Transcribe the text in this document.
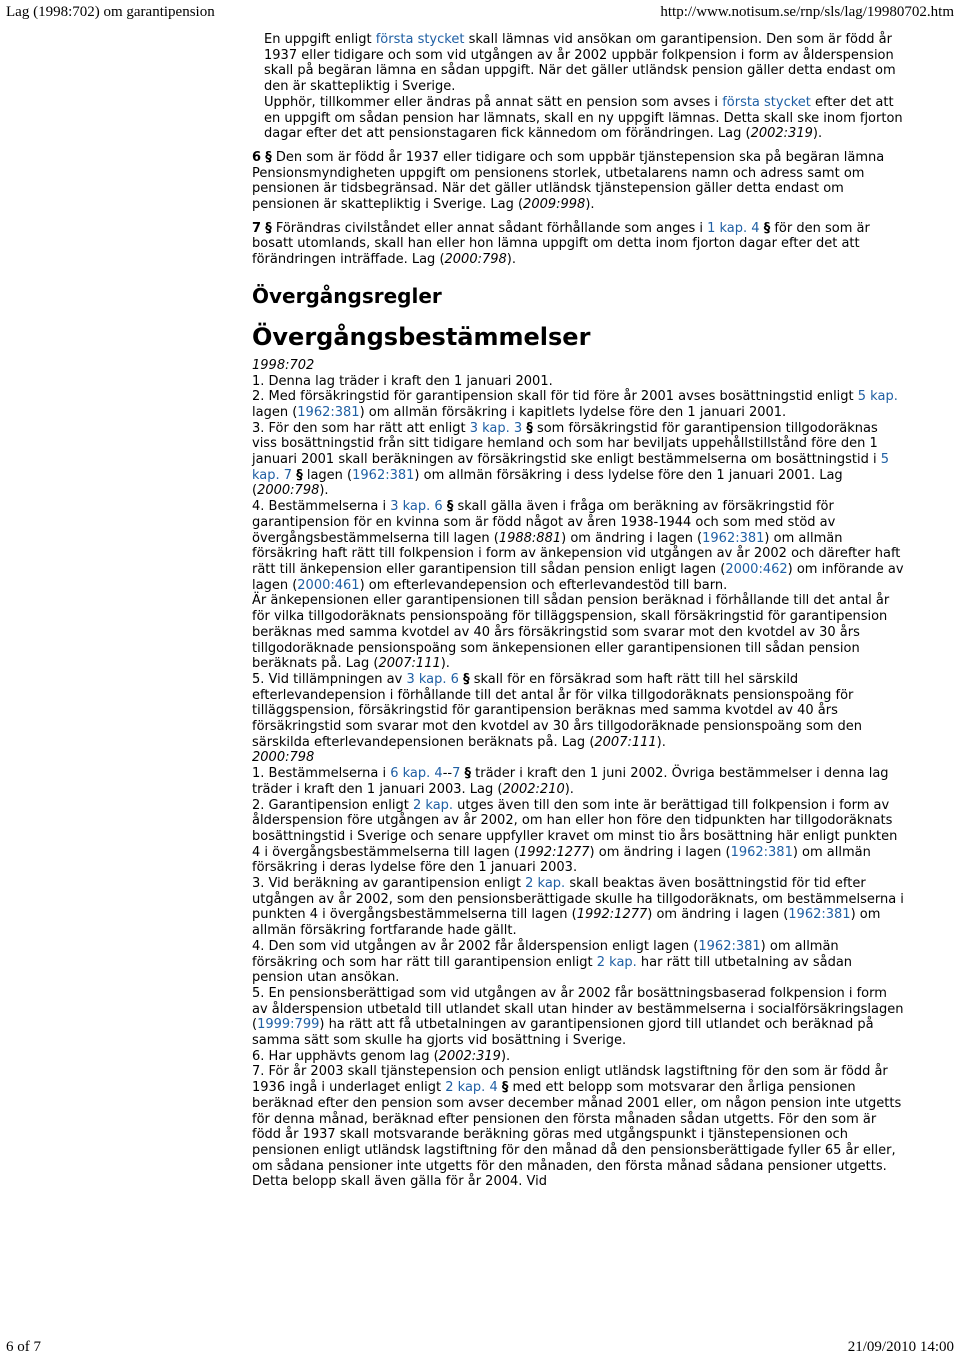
Lag (1998:702) om garantipension	http://www.notisum.se/rnp/sls/lag/19980702.htm

En uppgift enligt första stycket skall lämnas vid ansökan om garantipension. Den som är född år 1937 eller tidigare och som vid utgången av år 2002 uppbär folkpension i form av ålderspension skall på begäran lämna en sådan uppgift. När det gäller utländsk pension gäller detta endast om den är skattepliktig i Sverige.

Upphör, tillkommer eller ändras på annat sätt en pension som avses i första stycket efter det att en uppgift om sådan pension har lämnats, skall en ny uppgift lämnas. Detta skall ske inom fjorton dagar efter det att pensionstagaren fick kännedom om förändringen. Lag (2002:319).

6 § Den som är född år 1937 eller tidigare och som uppbär tjänstepension ska på begäran lämna Pensionsmyndigheten uppgift om pensionens storlek, utbetalarens namn och adress samt om pensionen är tidsbegränsad. När det gäller utländsk tjänstepension gäller detta endast om pensionen är skattepliktig i Sverige. Lag (2009:998).

7 § Förändras civilståndet eller annat sådant förhållande som anges i 1 kap. 4 § för den som är bosatt utomlands, skall han eller hon lämna uppgift om detta inom fjorton dagar efter det att förändringen inträffade. Lag (2000:798).

Övergångsregler
Övergångsbestämmelser

1998:702

1. Denna lag träder i kraft den 1 januari 2001.

2. Med försäkringstid för garantipension skall för tid före år 2001 avses bosättningstid enligt 5 kap. lagen (1962:381) om allmän försäkring i kapitlets lydelse före den 1 januari 2001.

3. För den som har rätt att enligt 3 kap. 3 § som försäkringstid för garantipension tillgodoräknas viss bosättningstid från sitt tidigare hemland och som har beviljats uppehållstillstånd före den 1 januari 2001 skall beräkningen av försäkringstid ske enligt bestämmelserna om bosättningstid i 5 kap. 7 § lagen (1962:381) om allmän försäkring i dess lydelse före den 1 januari 2001. Lag (2000:798).

4. Bestämmelserna i 3 kap. 6 § skall gälla även i fråga om beräkning av försäkringstid för garantipension för en kvinna som är född något av åren 1938-1944 och som med stöd av övergångsbestämmelserna till lagen (1988:881) om ändring i lagen (1962:381) om allmän försäkring haft rätt till folkpension i form av änkepension vid utgången av år 2002 och därefter haft rätt till änkepension eller garantipension till sådan pension enligt lagen (2000:462) om införande av lagen (2000:461) om efterlevandepension och efterlevandestöd till barn.

Är änkepensionen eller garantipensionen till sådan pension beräknad i förhållande till det antal år för vilka tillgodoräknats pensionspoäng för tilläggspension, skall försäkringstid för garantipension beräknas med samma kvotdel av 40 års försäkringstid som svarar mot den kvotdel av 30 års tillgodoräknade pensionspoäng som änkepensionen eller garantipensionen till sådan pension beräknats på. Lag (2007:111).

5. Vid tillämpningen av 3 kap. 6 § skall för en försäkrad som haft rätt till hel särskild efterlevandepension i förhållande till det antal år för vilka tillgodoräknats pensionspoäng för tilläggspension, försäkringstid för garantipension beräknas med samma kvotdel av 40 års försäkringstid som svarar mot den kvotdel av 30 års tillgodoräknade pensionspoäng som den särskilda efterlevandepensionen beräknats på. Lag (2007:111).

2000:798

1. Bestämmelserna i 6 kap. 4--7 § träder i kraft den 1 juni 2002. Övriga bestämmelser i denna lag träder i kraft den 1 januari 2003. Lag (2002:210).

2. Garantipension enligt 2 kap. utges även till den som inte är berättigad till folkpension i form av ålderspension före utgången av år 2002, om han eller hon före den tidpunkten har tillgodoräknats bosättningstid i Sverige och senare uppfyller kravet om minst tio års bosättning här enligt punkten 4 i övergångsbestämmelserna till lagen (1992:1277) om ändring i lagen (1962:381) om allmän försäkring i deras lydelse före den 1 januari 2003.

3. Vid beräkning av garantipension enligt 2 kap. skall beaktas även bosättningstid för tid efter utgången av år 2002, som den pensionsberättigade skulle ha tillgodoräknats, om bestämmelserna i punkten 4 i övergångsbestämmelserna till lagen (1992:1277) om ändring i lagen (1962:381) om allmän försäkring fortfarande hade gällt.

4. Den som vid utgången av år 2002 får ålderspension enligt lagen (1962:381) om allmän försäkring och som har rätt till garantipension enligt 2 kap. har rätt till utbetalning av sådan pension utan ansökan.

5. En pensionsberättigad som vid utgången av år 2002 får bosättningsbaserad folkpension i form av ålderspension utbetald till utlandet skall utan hinder av bestämmelserna i socialförsäkringslagen (1999:799) ha rätt att få utbetalningen av garantipensionen gjord till utlandet och beräknad på samma sätt som skulle ha gjorts vid bosättning i Sverige.

6. Har upphävts genom lag (2002:319).

7. För år 2003 skall tjänstepension och pension enligt utländsk lagstiftning för den som är född år 1936 ingå i underlaget enligt 2 kap. 4 § med ett belopp som motsvarar den årliga pensionen beräknad efter den pension som avser december månad 2001 eller, om någon pension inte utgetts för denna månad, beräknad efter pensionen den första månaden sådan utgetts. För den som är född år 1937 skall motsvarande beräkning göras med utgångspunkt i tjänstepensionen och pensionen enligt utländsk lagstiftning för den månad då den pensionsberättigade fyller 65 år eller, om sådana pensioner inte utgetts för den månaden, den första månad sådana pensioner utgetts. Detta belopp skall även gälla för år 2004. Vid

6 of 7	21/09/2010 14:00
